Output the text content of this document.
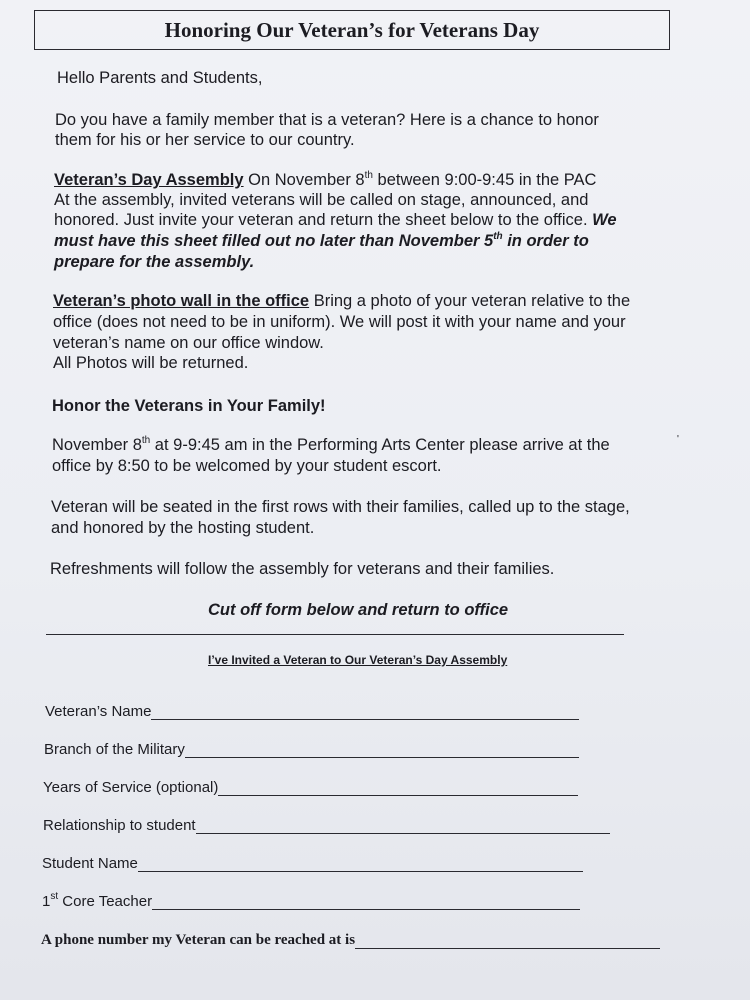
Honoring Our Veteran’s for Veterans Day
Hello Parents and Students,
Do you have a family member that is a veteran? Here is a chance to honor
them for his or her service to our country.
Veteran’s Day Assembly On November 8th between 9:00-9:45 in the PAC
At the assembly, invited veterans will be called on stage, announced, and
honored. Just invite your veteran and return the sheet below to the office. We
must have this sheet filled out no later than November 5th in order to
prepare for the assembly.
Veteran’s photo wall in the office Bring a photo of your veteran relative to the
office (does not need to be in uniform). We will post it with your name and your
veteran’s name on our office window.
All Photos will be returned.
Honor the Veterans in Your Family!
November 8th at 9-9:45 am in the Performing Arts Center please arrive at the	'
office by 8:50 to be welcomed by your student escort.
Veteran will be seated in the first rows with their families, called up to the stage,
and honored by the hosting student.
Refreshments will follow the assembly for veterans and their families.
Cut off form below and return to office
I’ve Invited a Veteran to Our Veteran’s Day Assembly
Veteran’s Name
Branch of the Military
Years of Service (optional)
Relationship to student
Student Name
1st Core Teacher
A phone number my Veteran can be reached at is
